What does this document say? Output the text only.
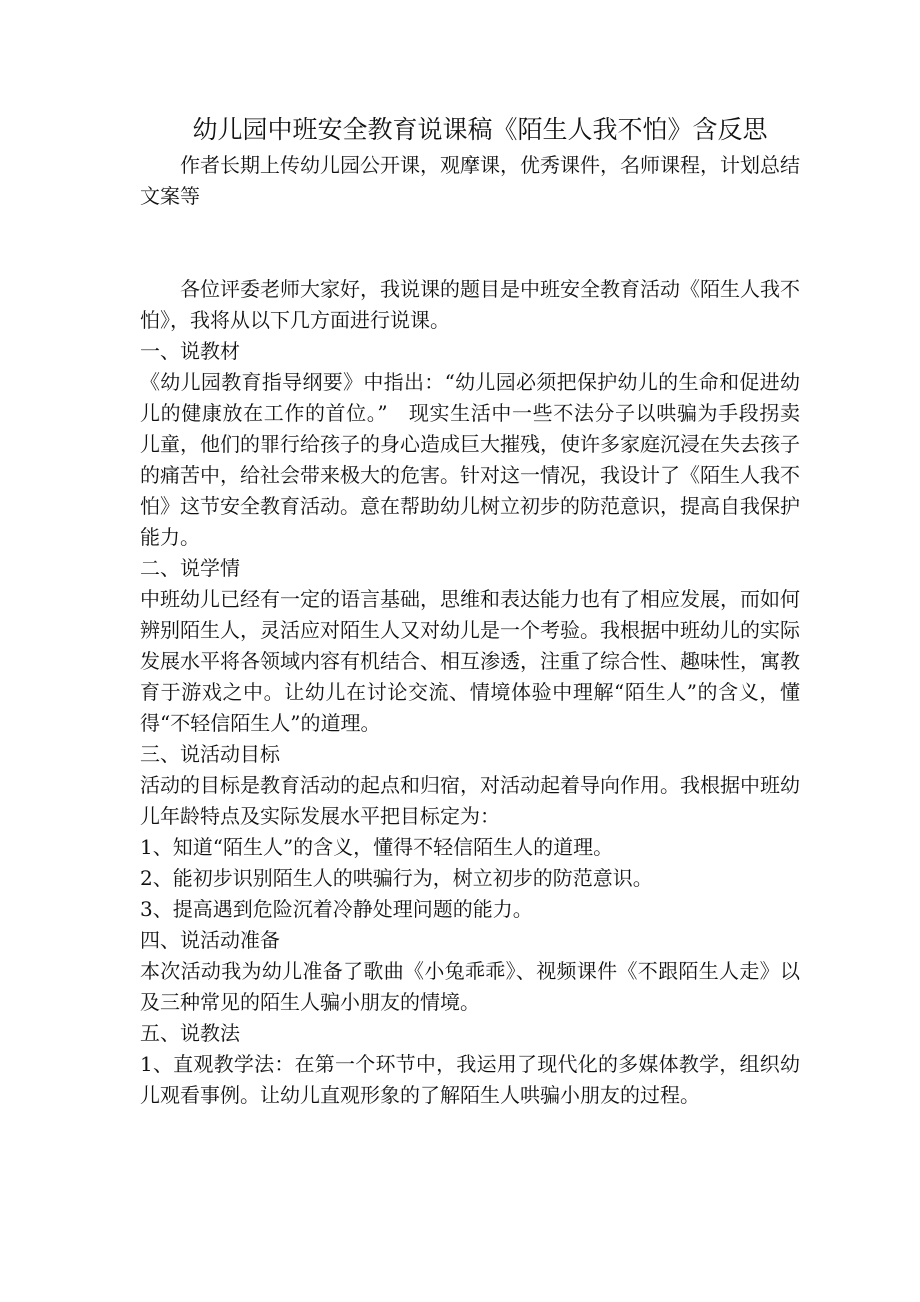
幼儿园中班安全教育说课稿《陌生人我不怕》含反思

作者长期上传幼儿园公开课，观摩课，优秀课件，名师课程，计划总结文案等

各位评委老师大家好，我说课的题目是中班安全教育活动《陌生人我不怕》，我将从以下几方面进行说课。

一、说教材

《幼儿园教育指导纲要》中指出：“幼儿园必须把保护幼儿的生命和促进幼儿的健康放在工作的首位。”　现实生活中一些不法分子以哄骗为手段拐卖儿童，他们的罪行给孩子的身心造成巨大摧残，使许多家庭沉浸在失去孩子的痛苦中，给社会带来极大的危害。针对这一情况，我设计了《陌生人我不怕》这节安全教育活动。意在帮助幼儿树立初步的防范意识，提高自我保护能力。

二、说学情

中班幼儿已经有一定的语言基础，思维和表达能力也有了相应发展，而如何辨别陌生人，灵活应对陌生人又对幼儿是一个考验。我根据中班幼儿的实际发展水平将各领域内容有机结合、相互渗透，注重了综合性、趣味性，寓教育于游戏之中。让幼儿在讨论交流、情境体验中理解“陌生人”的含义，懂得“不轻信陌生人”的道理。

三、说活动目标

活动的目标是教育活动的起点和归宿，对活动起着导向作用。我根据中班幼儿年龄特点及实际发展水平把目标定为：

1、知道“陌生人”的含义，懂得不轻信陌生人的道理。

2、能初步识别陌生人的哄骗行为，树立初步的防范意识。

3、提高遇到危险沉着冷静处理问题的能力。

四、说活动准备

本次活动我为幼儿准备了歌曲《小兔乖乖》、视频课件《不跟陌生人走》以及三种常见的陌生人骗小朋友的情境。

五、说教法

1、直观教学法：在第一个环节中，我运用了现代化的多媒体教学，组织幼儿观看事例。让幼儿直观形象的了解陌生人哄骗小朋友的过程。
